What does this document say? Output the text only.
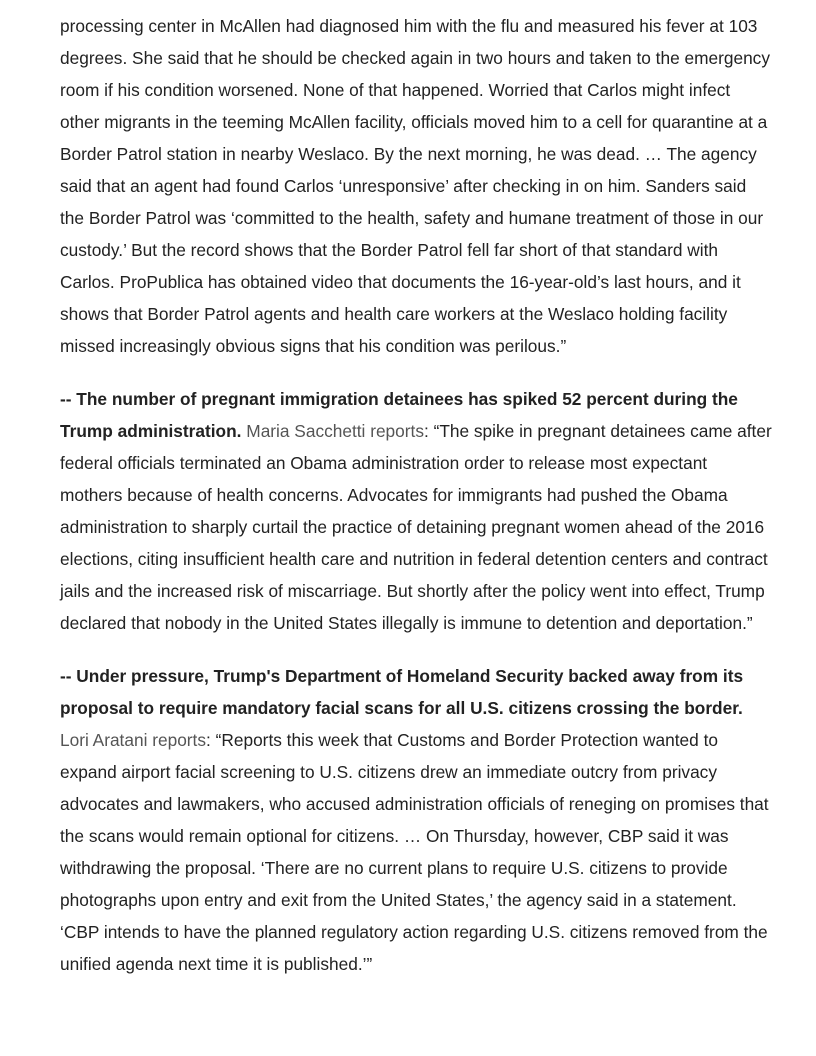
processing center in McAllen had diagnosed him with the flu and measured his fever at 103 degrees. She said that he should be checked again in two hours and taken to the emergency room if his condition worsened. None of that happened. Worried that Carlos might infect other migrants in the teeming McAllen facility, officials moved him to a cell for quarantine at a Border Patrol station in nearby Weslaco. By the next morning, he was dead. … The agency said that an agent had found Carlos ‘unresponsive’ after checking in on him. Sanders said the Border Patrol was ‘committed to the health, safety and humane treatment of those in our custody.’ But the record shows that the Border Patrol fell far short of that standard with Carlos. ProPublica has obtained video that documents the 16-year-old’s last hours, and it shows that Border Patrol agents and health care workers at the Weslaco holding facility missed increasingly obvious signs that his condition was perilous.”

-- The number of pregnant immigration detainees has spiked 52 percent during the Trump administration. Maria Sacchetti reports: “The spike in pregnant detainees came after federal officials terminated an Obama administration order to release most expectant mothers because of health concerns. Advocates for immigrants had pushed the Obama administration to sharply curtail the practice of detaining pregnant women ahead of the 2016 elections, citing insufficient health care and nutrition in federal detention centers and contract jails and the increased risk of miscarriage. But shortly after the policy went into effect, Trump declared that nobody in the United States illegally is immune to detention and deportation.”

-- Under pressure, Trump's Department of Homeland Security backed away from its proposal to require mandatory facial scans for all U.S. citizens crossing the border. Lori Aratani reports: “Reports this week that Customs and Border Protection wanted to expand airport facial screening to U.S. citizens drew an immediate outcry from privacy advocates and lawmakers, who accused administration officials of reneging on promises that the scans would remain optional for citizens. … On Thursday, however, CBP said it was withdrawing the proposal. ‘There are no current plans to require U.S. citizens to provide photographs upon entry and exit from the United States,’ the agency said in a statement. ‘CBP intends to have the planned regulatory action regarding U.S. citizens removed from the unified agenda next time it is published.’”
